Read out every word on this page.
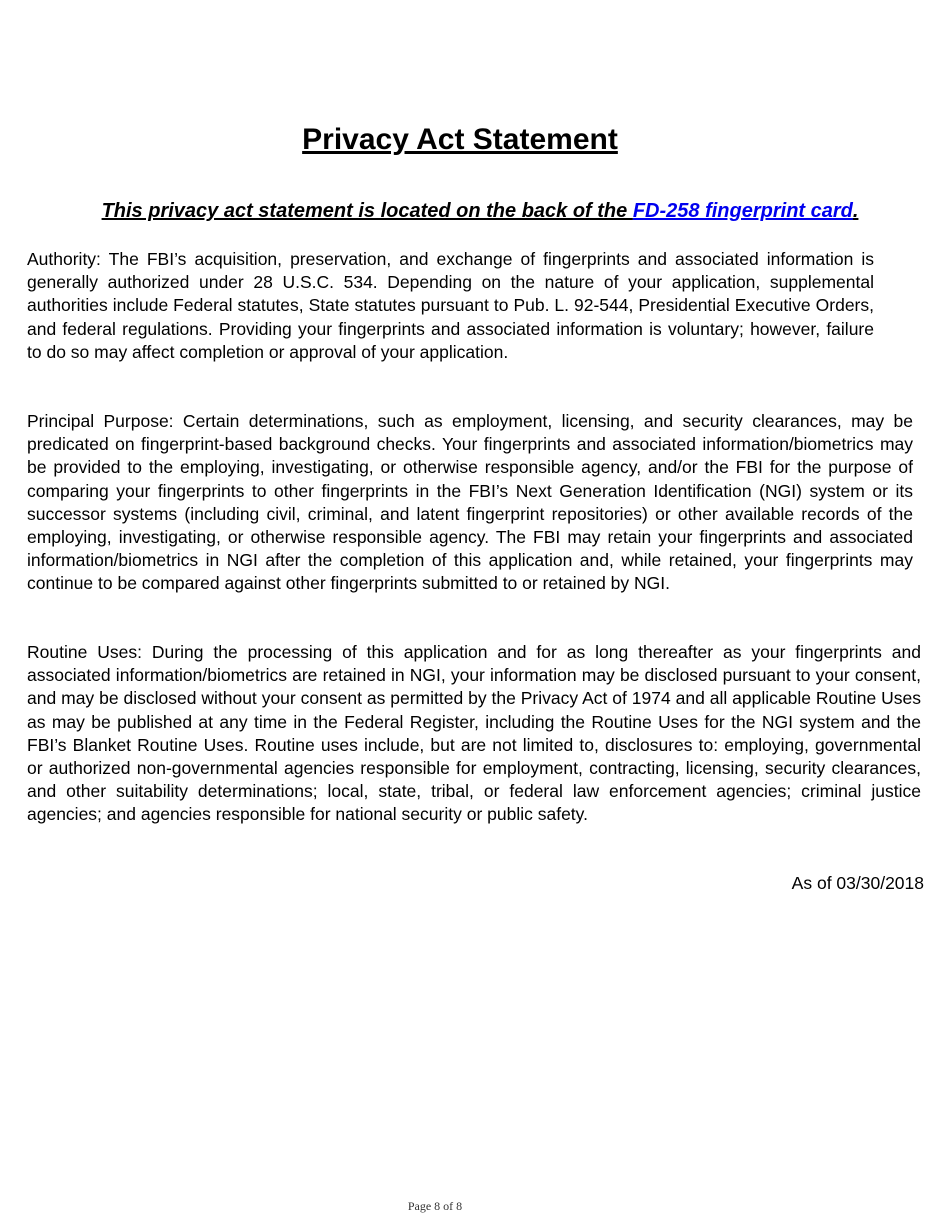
Privacy Act Statement

This privacy act statement is located on the back of the FD-258 fingerprint card.

Authority: The FBI’s acquisition, preservation, and exchange of fingerprints and associated information is generally authorized under 28 U.S.C. 534. Depending on the nature of your application, supplemental authorities include Federal statutes, State statutes pursuant to Pub. L. 92-544, Presidential Executive Orders, and federal regulations. Providing your fingerprints and associated information is voluntary; however, failure to do so may affect completion or approval of your application.

Principal Purpose: Certain determinations, such as employment, licensing, and security clearances, may be predicated on fingerprint-based background checks. Your fingerprints and associated information/biometrics may be provided to the employing, investigating, or otherwise responsible agency, and/or the FBI for the purpose of comparing your fingerprints to other fingerprints in the FBI’s Next Generation Identification (NGI) system or its successor systems (including civil, criminal, and latent fingerprint repositories) or other available records of the employing, investigating, or otherwise responsible agency. The FBI may retain your fingerprints and associated information/biometrics in NGI after the completion of this application and, while retained, your fingerprints may continue to be compared against other fingerprints submitted to or retained by NGI.

Routine Uses: During the processing of this application and for as long thereafter as your fingerprints and associated information/biometrics are retained in NGI, your information may be disclosed pursuant to your consent, and may be disclosed without your consent as permitted by the Privacy Act of 1974 and all applicable Routine Uses as may be published at any time in the Federal Register, including the Routine Uses for the NGI system and the FBI’s Blanket Routine Uses. Routine uses include, but are not limited to, disclosures to: employing, governmental or authorized non-governmental agencies responsible for employment, contracting, licensing, security clearances, and other suitability determinations; local, state, tribal, or federal law enforcement agencies; criminal justice agencies; and agencies responsible for national security or public safety.

As of 03/30/2018

Page 8 of 8
